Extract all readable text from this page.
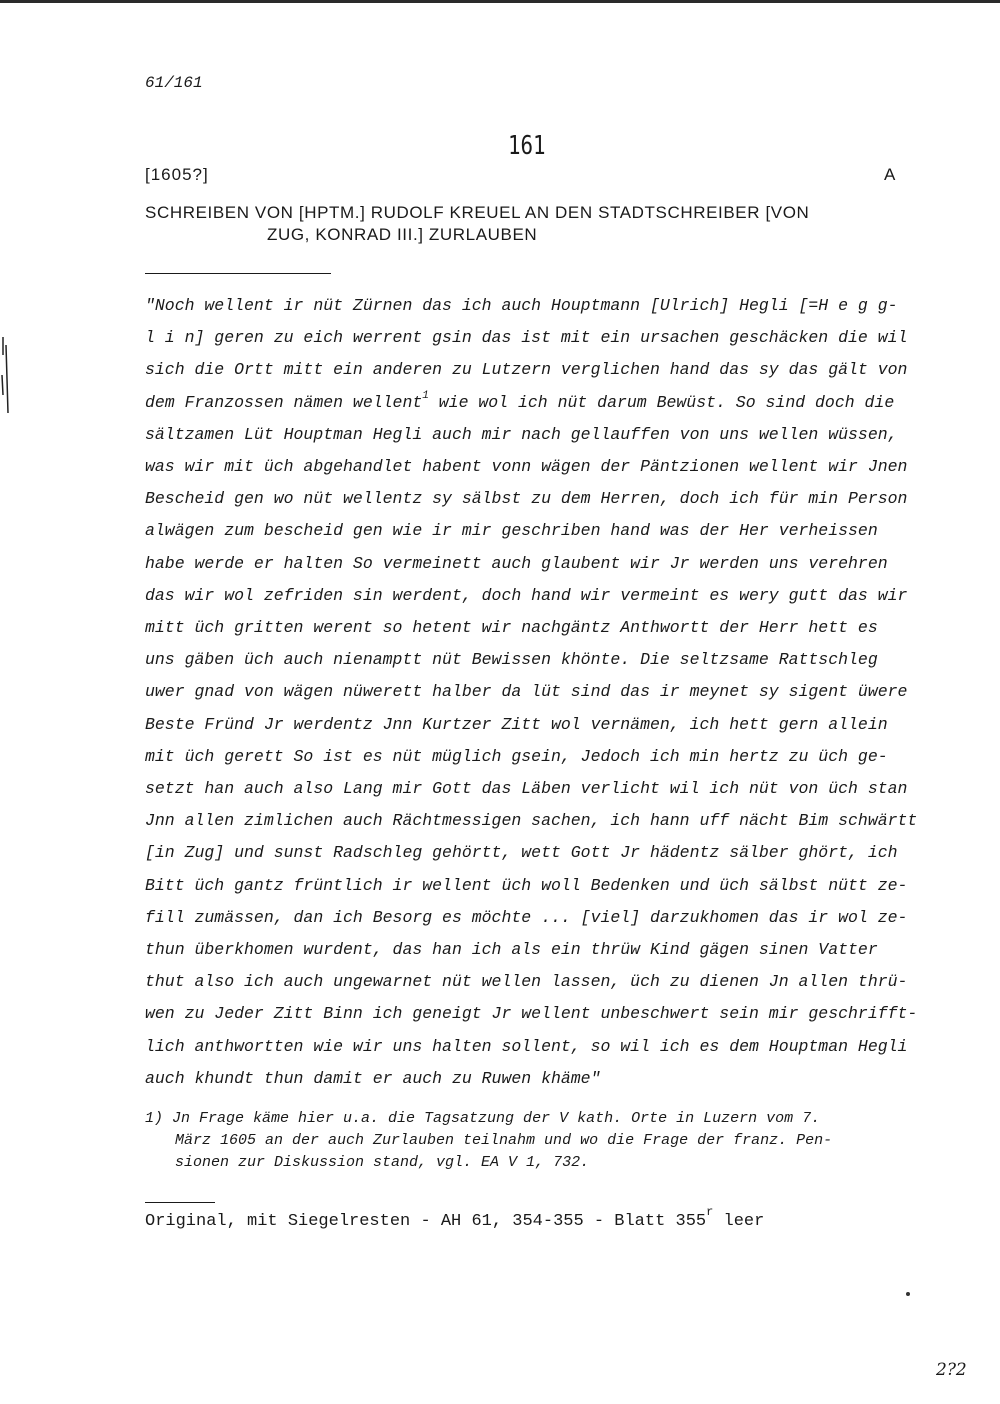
61/161
161
[1605?]	A
SCHREIBEN VON [HPTM.] RUDOLF KREUEL AN DEN STADTSCHREIBER [VON
ZUG, KONRAD III.] ZURLAUBEN
"Noch wellent ir nüt Zürnen das ich auch Houptmann [Ulrich] Hegli [=H e g g-
l i n] geren zu eich werrent gsin das ist mit ein ursachen geschäcken die wil
sich die Ortt mitt ein anderen zu Lutzern verglichen hand das sy das gält von
dem Franzossen nämen wellent$^1$ wie wol ich nüt darum Bewüst. So sind doch die
sältzamen Lüt Houptman Hegli auch mir nach gellauffen von uns wellen wüssen,
was wir mit üch abgehandlet habent vonn wägen der Päntzionen wellent wir Jnen
Bescheid gen wo nüt wellentz sy sälbst zu dem Herren, doch ich für min Person
alwägen zum bescheid gen wie ir mir geschriben hand was der Her verheissen
habe werde er halten So vermeinett auch glaubent wir Jr werden uns verehren
das wir wol zefriden sin werdent, doch hand wir vermeint es wery gutt das wir
mitt üch gritten werent so hetent wir nachgäntz Anthwortt der Herr hett es
uns gäben üch auch nienamptt nüt Bewissen khönte. Die seltzsame Rattschleg
uwer gnad von wägen nüwerett halber da lüt sind das ir meynet sy sigent üwere
Beste Fründ Jr werdentz Jnn Kurtzer Zitt wol vernämen, ich hett gern allein
mit üch gerett So ist es nüt müglich gsein, Jedoch ich min hertz zu üch ge-
setzt han auch also Lang mir Gott das Läben verlicht wil ich nüt von üch stan
Jnn allen zimlichen auch Rächtmessigen sachen, ich hann uff nächt Bim schwärtt
[in Zug] und sunst Radschleg gehörtt, wett Gott Jr hädentz sälber ghört, ich
Bitt üch gantz früntlich ir wellent üch woll Bedenken und üch sälbst nütt ze-
fill zumässen, dan ich Besorg es möchte ... [viel] darzukhomen das ir wol ze-
thun überkhomen wurdent, das han ich als ein thrüw Kind gägen sinen Vatter
thut also ich auch ungewarnet nüt wellen lassen, üch zu dienen Jn allen thrü-
wen zu Jeder Zitt Binn ich geneigt Jr wellent unbeschwert sein mir geschrifft-
lich anthwortten wie wir uns halten sollent, so wil ich es dem Houptman Hegli
auch khundt thun damit er auch zu Ruwen khäme"
1) Jn Frage käme hier u.a. die Tagsatzung der V kath. Orte in Luzern vom 7.
März 1605 an der auch Zurlauben teilnahm und wo die Frage der franz. Pen-
sionen zur Diskussion stand, vgl. EA V 1, 732.
Original, mit Siegelresten - AH 61, 354-355 - Blatt 355$^r$ leer
2?2
